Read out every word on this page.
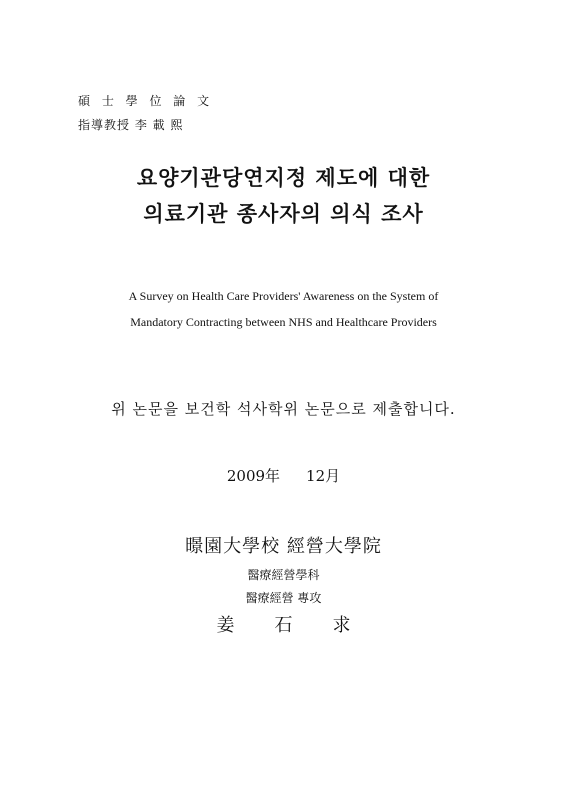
碩 士 學 位 論 文
指導教授 李 載 熙
요양기관당연지정 제도에 대한
의료기관 종사자의 의식 조사
A Survey on Health Care Providers' Awareness on the System of
Mandatory Contracting between NHS and Healthcare Providers
위 논문을 보건학 석사학위 논문으로 제출합니다.
2009年 12月
暻園大學校 經營大學院
醫療經營學科
醫療經營 專攻
姜 石 求
